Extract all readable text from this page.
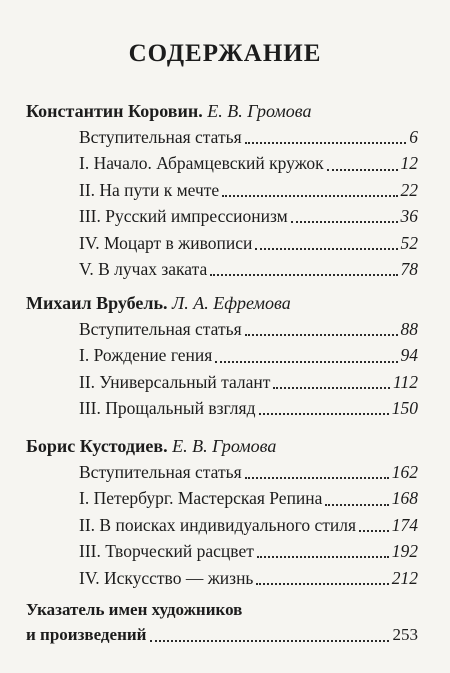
СОДЕРЖАНИЕ
Константин Коровин. Е. В. Громова
Вступительная статья	6
I. Начало. Абрамцевский кружок	12
II. На пути к мечте	22
III. Русский импрессионизм	36
IV. Моцарт в живописи	52
V. В лучах заката	78
Михаил Врубель. Л. А. Ефремова
Вступительная статья	88
I. Рождение гения	94
II. Универсальный талант	112
III. Прощальный взгляд	150
Борис Кустодиев. Е. В. Громова
Вступительная статья	162
I. Петербург. Мастерская Репина	168
II. В поисках индивидуального стиля 174
III. Творческий расцвет	192
IV. Искусство — жизнь	212
Указатель имен художников
и произведений	253
